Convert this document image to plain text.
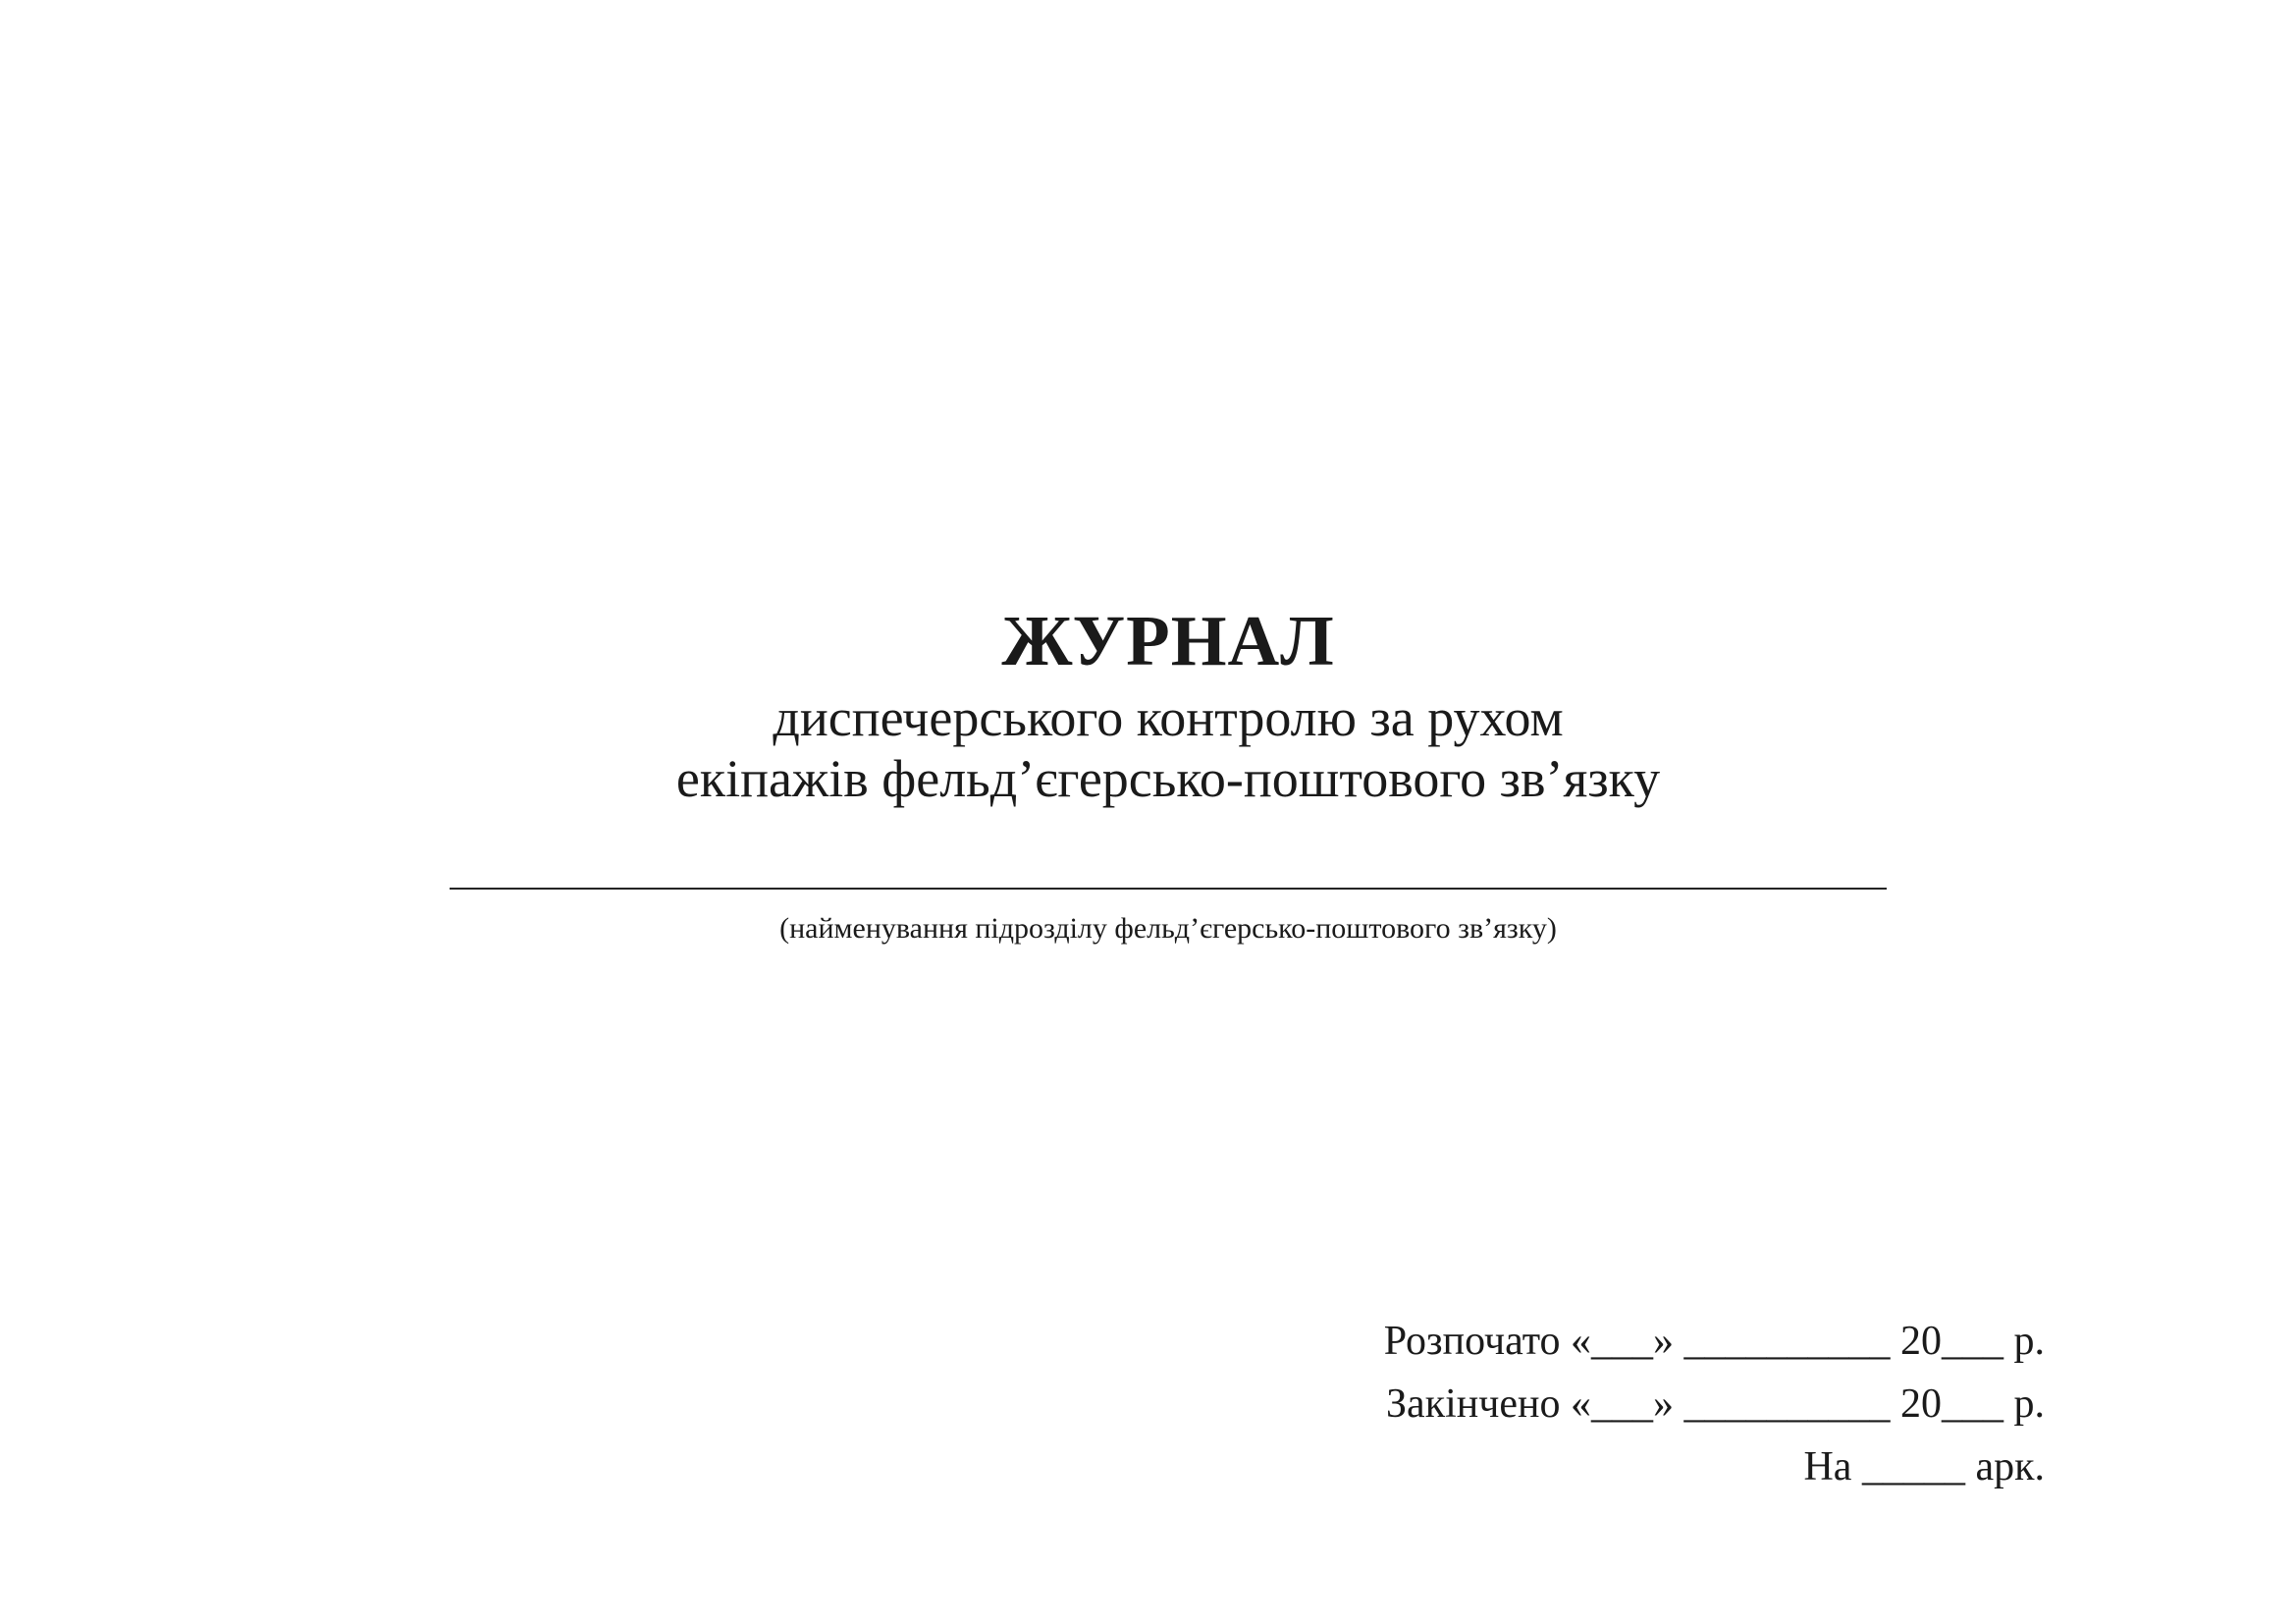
ЖУРНАЛ

диспечерського контролю за рухом

екіпажів фельд’єгерсько-поштового зв’язку

(найменування підрозділу фельд’єгерсько-поштового зв’язку)

Розпочато «___» __________ 20___ р.

Закінчено «___» __________ 20___ р.

На _____ арк.
